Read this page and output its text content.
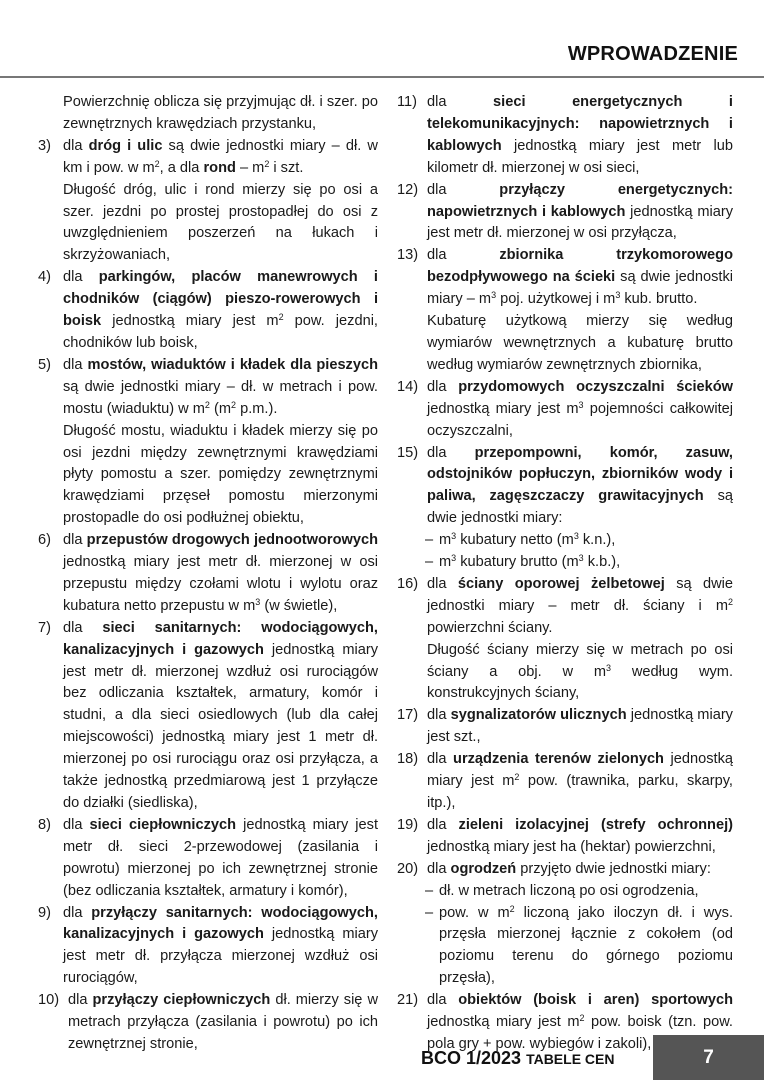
WPROWADZENIE

Powierzchnię oblicza się przyjmując dł. i szer. po zewnętrznych krawędziach przystanku,

3) dla dróg i ulic są dwie jednostki miary – dł. w km i pow. w $m^2$, a dla rond – $m^2$ i szt.

Długość dróg, ulic i rond mierzy się po osi a szer. jezdni po prostej prostopadłej do osi z uwzględnieniem poszerzeń na łukach i skrzyżowaniach,

4) dla parkingów, placów manewrowych i chodników (ciągów) pieszo-rowerowych i boisk jednostką miary jest $m^2$ pow. jezdni, chodników lub boisk,

5) dla mostów, wiaduktów i kładek dla pieszych są dwie jednostki miary – dł. w metrach i pow. mostu (wiaduktu) w $m^2$ ($m^2$ p.m.).

Długość mostu, wiaduktu i kładek mierzy się po osi jezdni między zewnętrznymi krawędziami płyty pomostu a szer. pomiędzy zewnętrznymi krawędziami przęseł pomostu mierzonymi prostopadle do osi podłużnej obiektu,

6) dla przepustów drogowych jednootworowych jednostką miary jest metr dł. mierzonej w osi przepustu między czołami wlotu i wylotu oraz kubatura netto przepustu w $m^3$ (w świetle),

7) dla sieci sanitarnych: wodociągowych, kanalizacyjnych i gazowych jednostką miary jest metr dł. mierzonej wzdłuż osi rurociągów bez odliczania kształtek, armatury, komór i studni, a dla sieci osiedlowych (lub dla całej miejscowości) jednostką miary jest 1 metr dł. mierzonej po osi rurociągu oraz osi przyłącza, a także jednostką przedmiarową jest 1 przyłącze do działki (siedliska),

8) dla sieci ciepłowniczych jednostką miary jest metr dł. sieci 2-przewodowej (zasilania i powrotu) mierzonej po ich zewnętrznej stronie (bez odliczania kształtek, armatury i komór),

9) dla przyłączy sanitarnych: wodociągowych, kanalizacyjnych i gazowych jednostką miary jest metr dł. przyłącza mierzonej wzdłuż osi rurociągów,

10) dla przyłączy ciepłowniczych dł. mierzy się w metrach przyłącza (zasilania i powrotu) po ich zewnętrznej stronie,

11) dla	sieci energetycznych i telekomunikacyjnych: napowietrznych i kablowych jednostką miary jest metr lub kilometr dł. mierzonej w osi sieci,

12) dla	przyłączy energetycznych: napowietrznych i kablowych jednostką miary jest metr dł. mierzonej w osi przyłącza,

13) dla	zbiornika trzykomorowego bezodpływowego na ścieki są dwie jednostki miary – $m^3$ poj. użytkowej i $m^3$ kub. brutto.

Kubaturę użytkową mierzy się według wymiarów wewnętrznych a kubaturę brutto według wymiarów zewnętrznych zbiornika,

14) dla przydomowych oczyszczalni ścieków jednostką miary jest $m^3$ pojemności całkowitej oczyszczalni,

15) dla przepompowni, komór, zasuw, odstojników popłuczyn, zbiorników wody i paliwa, zagęszczaczy grawitacyjnych są dwie jednostki miary:

– $m^3$ kubatury netto ($m^3$ k.n.),

– $m^3$ kubatury brutto ($m^3$ k.b.),

16) dla ściany oporowej żelbetowej są dwie jednostki miary – metr dł. ściany i $m^2$ powierzchni ściany.

Długość ściany mierzy się w metrach po osi ściany a obj. w $m^3$ według wym. konstrukcyjnych ściany,

17) dla sygnalizatorów ulicznych jednostką miary jest szt.,

18) dla urządzenia terenów zielonych jednostką miary jest $m^2$ pow. (trawnika, parku, skarpy, itp.),

19) dla zieleni izolacyjnej (strefy ochronnej) jednostką miary jest ha (hektar) powierzchni,

20) dla ogrodzeń przyjęto dwie jednostki miary:

– dł. w metrach liczoną po osi ogrodzenia,

– pow. w $m^2$ liczoną jako iloczyn dł. i wys. przęsła mierzonej łącznie z cokołem (od poziomu terenu do górnego poziomu przęsła),

21) dla obiektów (boisk i aren) sportowych jednostką miary jest $m^2$ pow. boisk (tzn. pow. pola gry + pow. wybiegów i zakoli),

BCO 1/2023 TABELE CEN	7
